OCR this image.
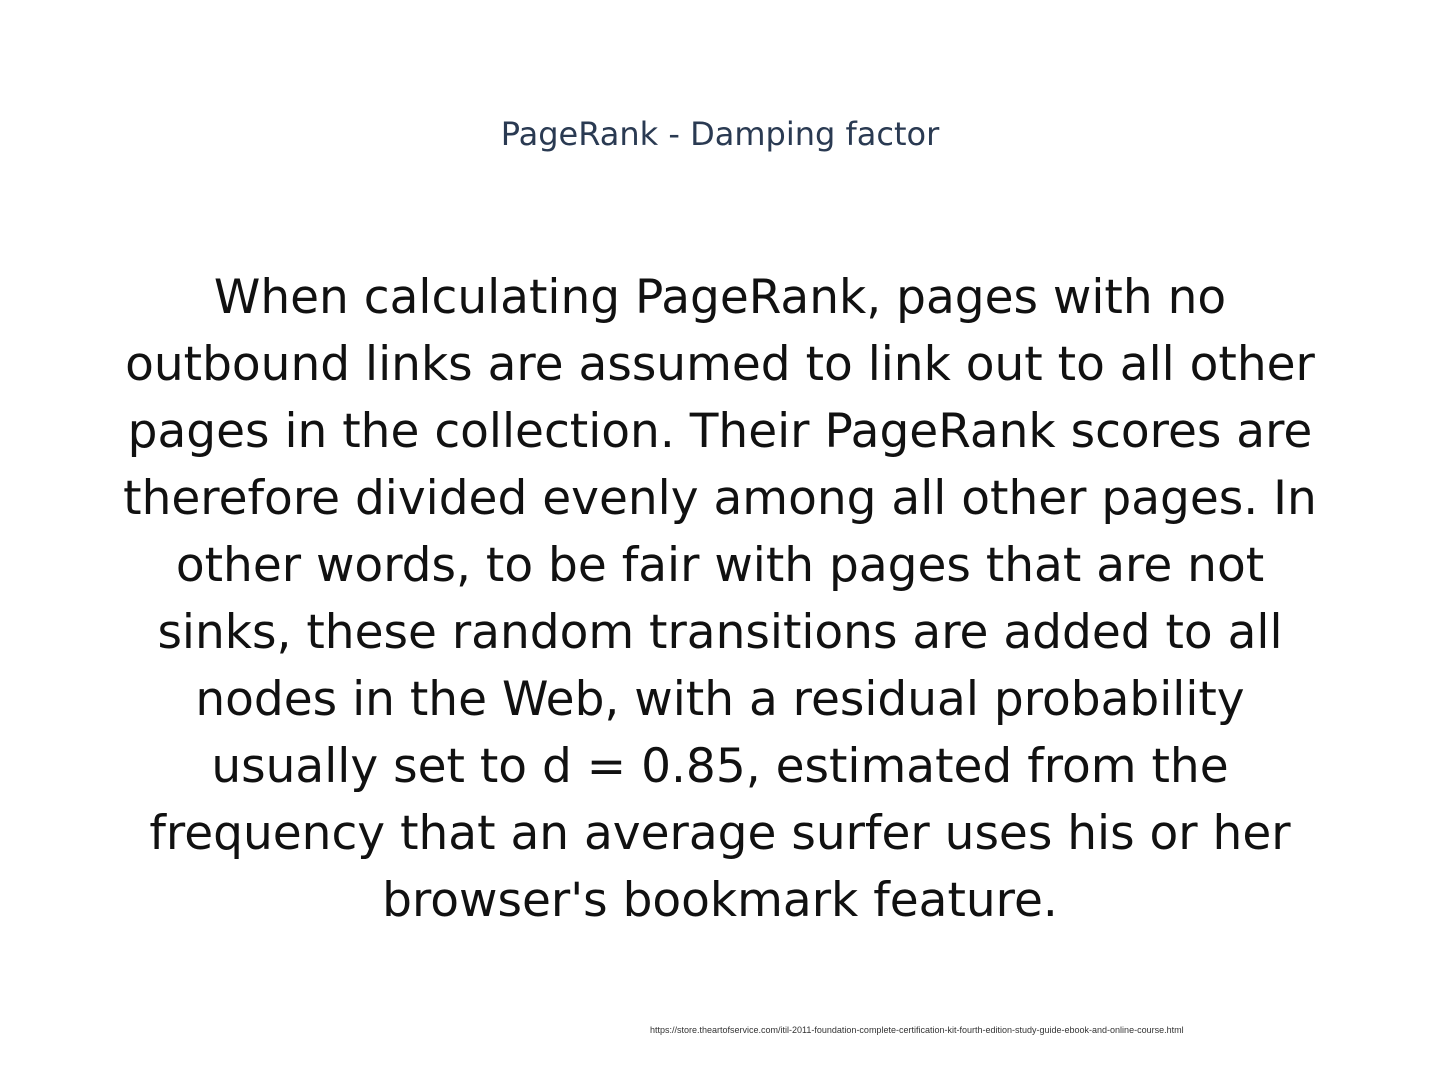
PageRank - Damping factor
When calculating PageRank, pages with no outbound links are assumed to link out to all other pages in the collection. Their PageRank scores are therefore divided evenly among all other pages. In other words, to be fair with pages that are not sinks, these random transitions are added to all nodes in the Web, with a residual probability usually set to d = 0.85, estimated from the frequency that an average surfer uses his or her browser's bookmark feature.
https://store.theartofservice.com/itil-2011-foundation-complete-certification-kit-fourth-edition-study-guide-ebook-and-online-course.html
